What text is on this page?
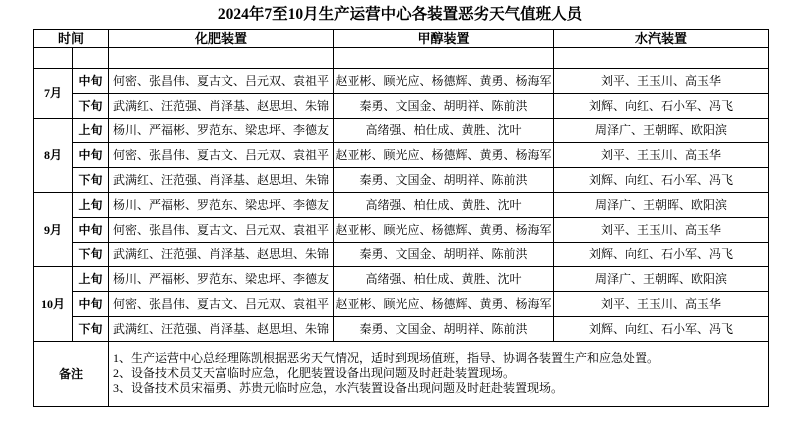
2024年7至10月生产运营中心各装置恶劣天气值班人员
时间		化肥装置	甲醇装置	水汽装置

7月	中旬	何密、张昌伟、夏古文、吕元双、袁祖平	赵亚彬、顾光应、杨德辉、黄勇、杨海军	刘平、王玉川、高玉华
	下旬	武满红、汪范强、肖泽基、赵思坦、朱锦	秦勇、文国金、胡明祥、陈前洪	刘辉、向红、石小军、冯飞
8月	上旬	杨川、严福彬、罗范东、梁忠坪、李德友	高绪强、柏仕成、黄胜、沈叶	周泽广、王朝晖、欧阳滨
	中旬	何密、张昌伟、夏古文、吕元双、袁祖平	赵亚彬、顾光应、杨德辉、黄勇、杨海军	刘平、王玉川、高玉华
	下旬	武满红、汪范强、肖泽基、赵思坦、朱锦	秦勇、文国金、胡明祥、陈前洪	刘辉、向红、石小军、冯飞
9月	上旬	杨川、严福彬、罗范东、梁忠坪、李德友	高绪强、柏仕成、黄胜、沈叶	周泽广、王朝晖、欧阳滨
	中旬	何密、张昌伟、夏古文、吕元双、袁祖平	赵亚彬、顾光应、杨德辉、黄勇、杨海军	刘平、王玉川、高玉华
	下旬	武满红、汪范强、肖泽基、赵思坦、朱锦	秦勇、文国金、胡明祥、陈前洪	刘辉、向红、石小军、冯飞
10月	上旬	杨川、严福彬、罗范东、梁忠坪、李德友	高绪强、柏仕成、黄胜、沈叶	周泽广、王朝晖、欧阳滨
	中旬	何密、张昌伟、夏古文、吕元双、袁祖平	赵亚彬、顾光应、杨德辉、黄勇、杨海军	刘平、王玉川、高玉华
	下旬	武满红、汪范强、肖泽基、赵思坦、朱锦	秦勇、文国金、胡明祥、陈前洪	刘辉、向红、石小军、冯飞
备注		1、生产运营中心总经理陈凯根据恶劣天气情况，适时到现场值班，指导、协调各装置生产和应急处置。
2、设备技术员艾天富临时应急，化肥装置设备出现问题及时赶赴装置现场。
3、设备技术员宋福勇、苏贵元临时应急，水汽装置设备出现问题及时赶赴装置现场。		
